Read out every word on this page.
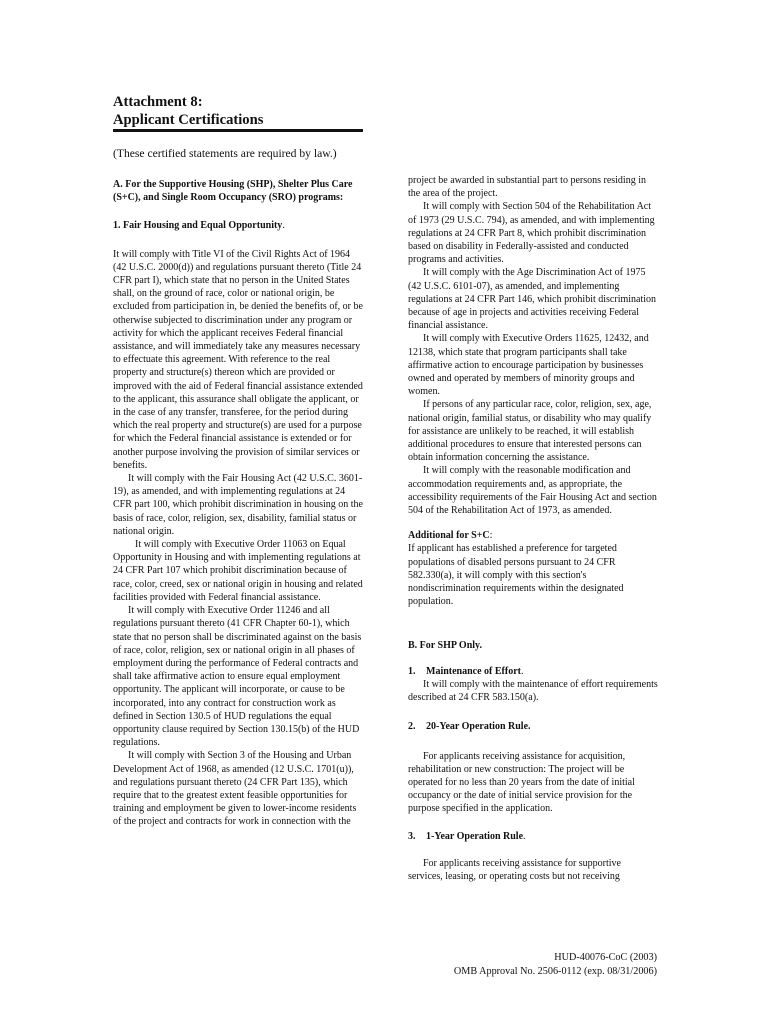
Attachment 8:
Applicant Certifications
(These certified statements are required by law.)

A. For the Supportive Housing (SHP), Shelter Plus Care (S+C), and Single Room Occupancy (SRO) programs:

1. Fair Housing and Equal Opportunity.

It will comply with Title VI of the Civil Rights Act of 1964 (42 U.S.C. 2000(d)) and regulations pursuant thereto (Title 24 CFR part I), which state that no person in the United States shall, on the ground of race, color or national origin, be excluded from participation in, be denied the benefits of, or be otherwise subjected to discrimination under any program or activity for which the applicant receives Federal financial assistance, and will immediately take any measures necessary to effectuate this agreement. With reference to the real property and structure(s) thereon which are provided or improved with the aid of Federal financial assistance extended to the applicant, this assurance shall obligate the applicant, or in the case of any transfer, transferee, for the period during which the real property and structure(s) are used for a purpose for which the Federal financial assistance is extended or for another purpose involving the provision of similar services or benefits.

It will comply with the Fair Housing Act (42 U.S.C. 3601-19), as amended, and with implementing regulations at 24 CFR part 100, which prohibit discrimination in housing on the basis of race, color, religion, sex, disability, familial status or national origin.

It will comply with Executive Order 11063 on Equal Opportunity in Housing and with implementing regulations at 24 CFR Part 107 which prohibit discrimination because of race, color, creed, sex or national origin in housing and related facilities provided with Federal financial assistance.

It will comply with Executive Order 11246 and all regulations pursuant thereto (41 CFR Chapter 60-1), which state that no person shall be discriminated against on the basis of race, color, religion, sex or national origin in all phases of employment during the performance of Federal contracts and shall take affirmative action to ensure equal employment opportunity. The applicant will incorporate, or cause to be incorporated, into any contract for construction work as defined in Section 130.5 of HUD regulations the equal opportunity clause required by Section 130.15(b) of the HUD regulations.

It will comply with Section 3 of the Housing and Urban Development Act of 1968, as amended (12 U.S.C. 1701(u)), and regulations pursuant thereto (24 CFR Part 135), which require that to the greatest extent feasible opportunities for training and employment be given to lower-income residents of the project and contracts for work in connection with the

project be awarded in substantial part to persons residing in the area of the project.

It will comply with Section 504 of the Rehabilitation Act of 1973 (29 U.S.C. 794), as amended, and with implementing regulations at 24 CFR Part 8, which prohibit discrimination based on disability in Federally-assisted and conducted programs and activities.

It will comply with the Age Discrimination Act of 1975 (42 U.S.C. 6101-07), as amended, and implementing regulations at 24 CFR Part 146, which prohibit discrimination because of age in projects and activities receiving Federal financial assistance.

It will comply with Executive Orders 11625, 12432, and 12138, which state that program participants shall take affirmative action to encourage participation by businesses owned and operated by members of minority groups and women.

If persons of any particular race, color, religion, sex, age, national origin, familial status, or disability who may qualify for assistance are unlikely to be reached, it will establish additional procedures to ensure that interested persons can obtain information concerning the assistance.

It will comply with the reasonable modification and accommodation requirements and, as appropriate, the accessibility requirements of the Fair Housing Act and section 504 of the Rehabilitation Act of 1973, as amended.

Additional for S+C:

If applicant has established a preference for targeted populations of disabled persons pursuant to 24 CFR 582.330(a), it will comply with this section's nondiscrimination requirements within the designated population.

B. For SHP Only.

1.	Maintenance of Effort.

It will comply with the maintenance of effort requirements described at 24 CFR 583.150(a).

2.	20-Year Operation Rule.

For applicants receiving assistance for acquisition, rehabilitation or new construction: The project will be operated for no less than 20 years from the date of initial occupancy or the date of initial service provision for the purpose specified in the application.

3.	1-Year Operation Rule.

For applicants receiving assistance for supportive services, leasing, or operating costs but not receiving

HUD-40076-CoC (2003)
OMB Approval No. 2506-0112 (exp. 08/31/2006)
